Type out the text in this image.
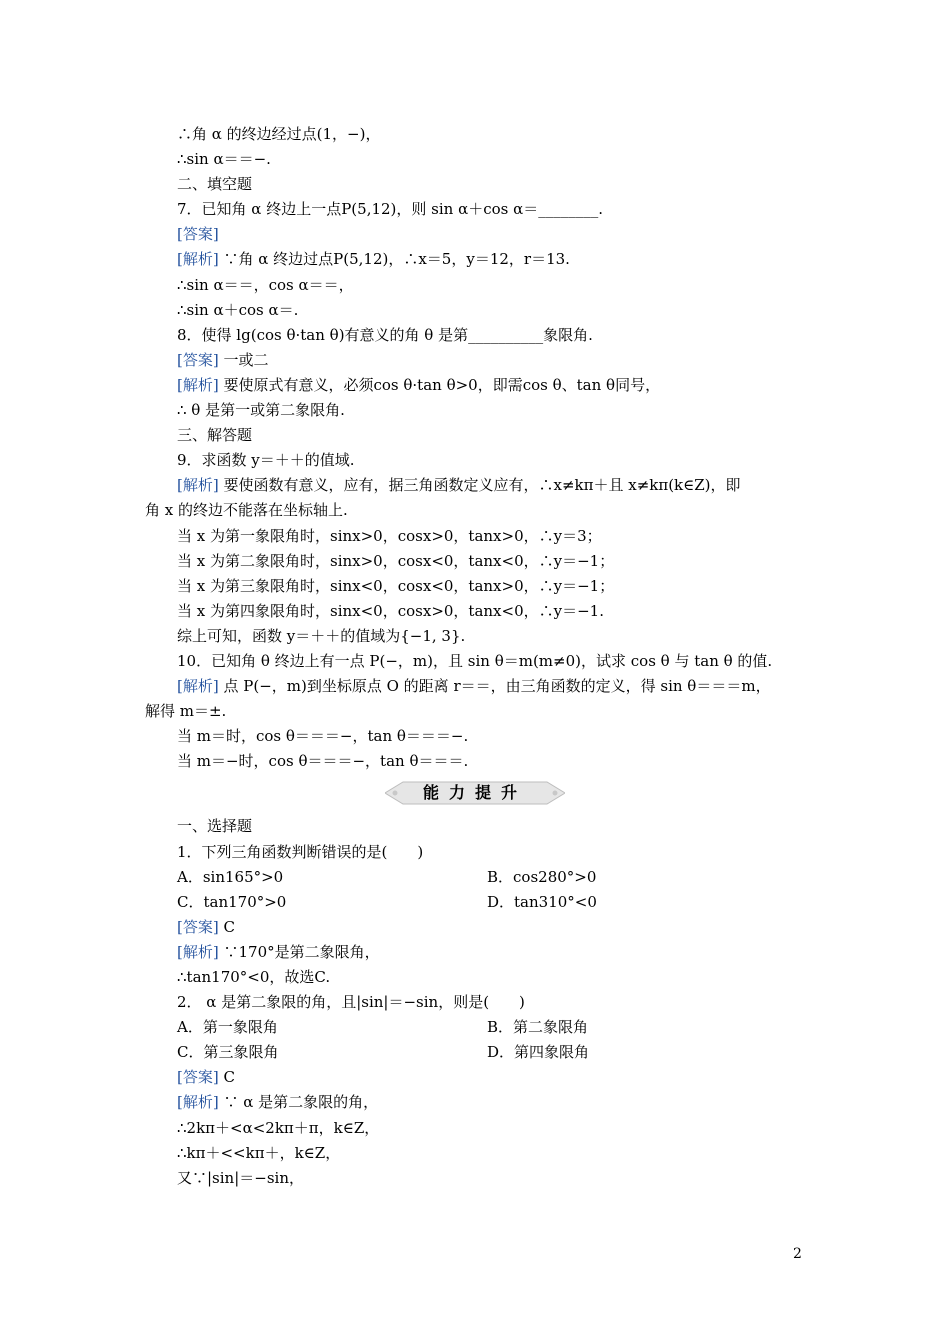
∴角 α 的终边经过点(1，−)，
∴sin α＝＝−.
二、填空题
7．已知角 α 终边上一点P(5,12)，则 sin α＋cos α＝________.
[答案]
[解析] ∵角 α 终边过点P(5,12)，∴x＝5，y＝12，r＝13.
∴sin α＝＝，cos α＝＝，
∴sin α＋cos α＝.
8．使得 lg(cos θ·tan θ)有意义的角 θ 是第__________象限角.
[答案] 一或二
[解析] 要使原式有意义，必须cos θ·tan θ>0，即需cos θ、tan θ同号，
∴ θ 是第一或第二象限角.
三、解答题
9．求函数 y＝＋＋的值域.
[解析] 要使函数有意义，应有，据三角函数定义应有，∴x≠kπ＋且 x≠kπ(k∈Z)，即
角 x 的终边不能落在坐标轴上.
当 x 为第一象限角时，sinx>0，cosx>0，tanx>0，∴y＝3；
当 x 为第二象限角时，sinx>0，cosx<0，tanx<0，∴y＝−1；
当 x 为第三象限角时，sinx<0，cosx<0，tanx>0，∴y＝−1；
当 x 为第四象限角时，sinx<0，cosx>0，tanx<0，∴y＝−1.
综上可知，函数 y＝＋＋的值域为{−1, 3}.
10．已知角 θ 终边上有一点 P(−，m)，且 sin θ＝m(m≠0)，试求 cos θ 与 tan θ 的值.
[解析] 点 P(−，m)到坐标原点 O 的距离 r＝＝，由三角函数的定义，得 sin θ＝＝＝m，
解得 m＝±.
当 m＝时，cos θ＝＝＝−，tan θ＝＝＝−.
当 m＝−时，cos θ＝＝＝−，tan θ＝＝＝.
能力提升
一、选择题
1．下列三角函数判断错误的是(　　)
A．sin165°>0	B．cos280°>0
C．tan170°>0	D．tan310°<0
[答案] C
[解析] ∵170°是第二象限角，
∴tan170°<0，故选C.
2． α 是第二象限的角，且|sin|＝−sin，则是(　　)
A．第一象限角	B．第二象限角
C．第三象限角	D．第四象限角
[答案] C
[解析] ∵ α 是第二象限的角，
∴2kπ＋<α<2kπ＋π，k∈Z，
∴kπ＋<<kπ＋，k∈Z，
又∵|sin|＝−sin，
2
